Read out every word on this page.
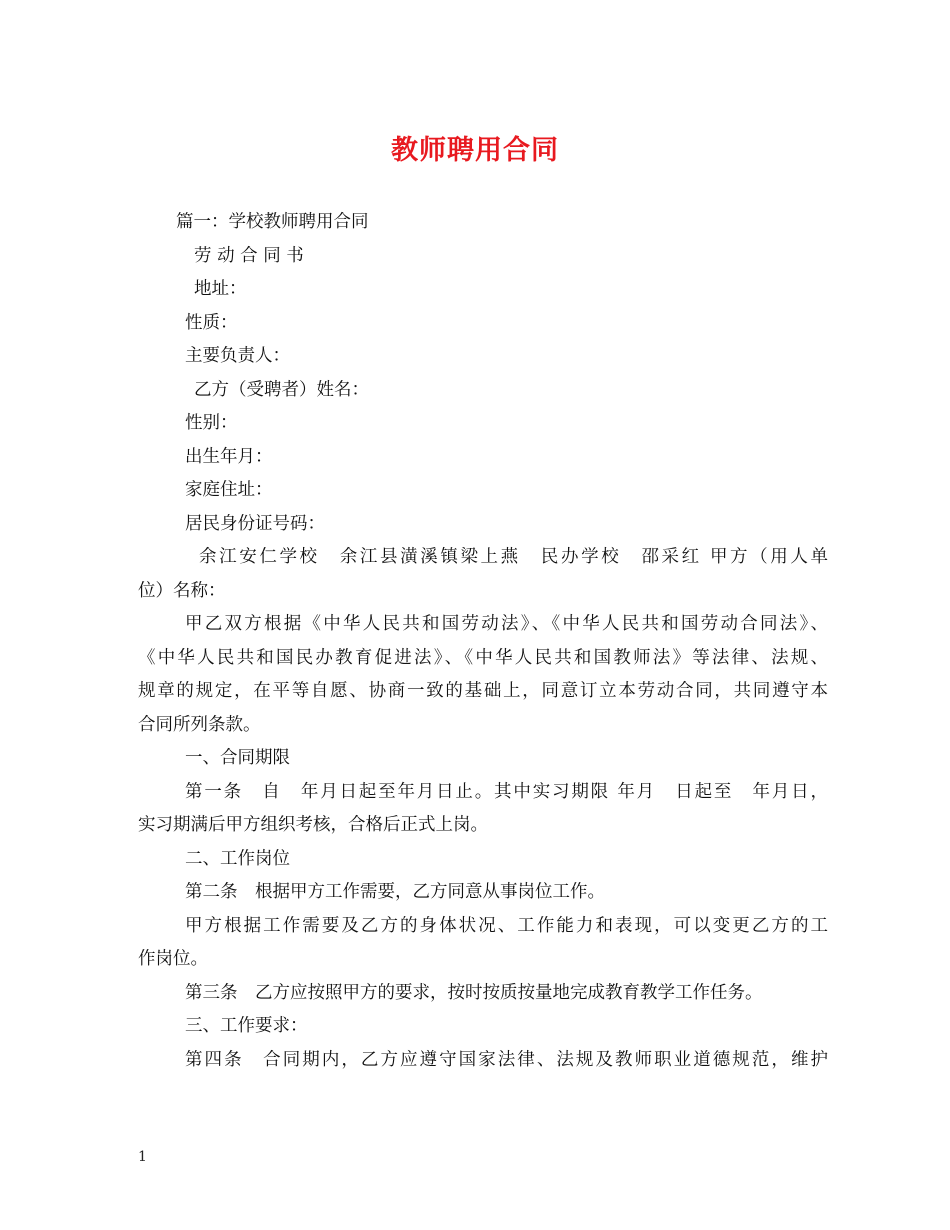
教师聘用合同
篇一：学校教师聘用合同
劳 动 合 同 书
地址：
性质：
主要负责人：
乙方（受聘者）姓名：
性别：
出生年月：
家庭住址：
居民身份证号码：
余江安仁学校　余江县潢溪镇梁上燕　民办学校　邵采红 甲方（用人单
位）名称：
甲乙双方根据《中华人民共和国劳动法》、《中华人民共和国劳动合同法》、
《中华人民共和国民办教育促进法》、《中华人民共和国教师法》等法律、法规、
规章的规定，在平等自愿、协商一致的基础上，同意订立本劳动合同，共同遵守本
合同所列条款。
一、合同期限
第一条　自　年月日起至年月日止。其中实习期限 年月　日起至　年月日，
实习期满后甲方组织考核，合格后正式上岗。
二、工作岗位
第二条　根据甲方工作需要，乙方同意从事岗位工作。
甲方根据工作需要及乙方的身体状况、工作能力和表现，可以变更乙方的工
作岗位。
第三条　乙方应按照甲方的要求，按时按质按量地完成教育教学工作任务。
三、工作要求：
第四条　合同期内，乙方应遵守国家法律、法规及教师职业道德规范，维护
1
